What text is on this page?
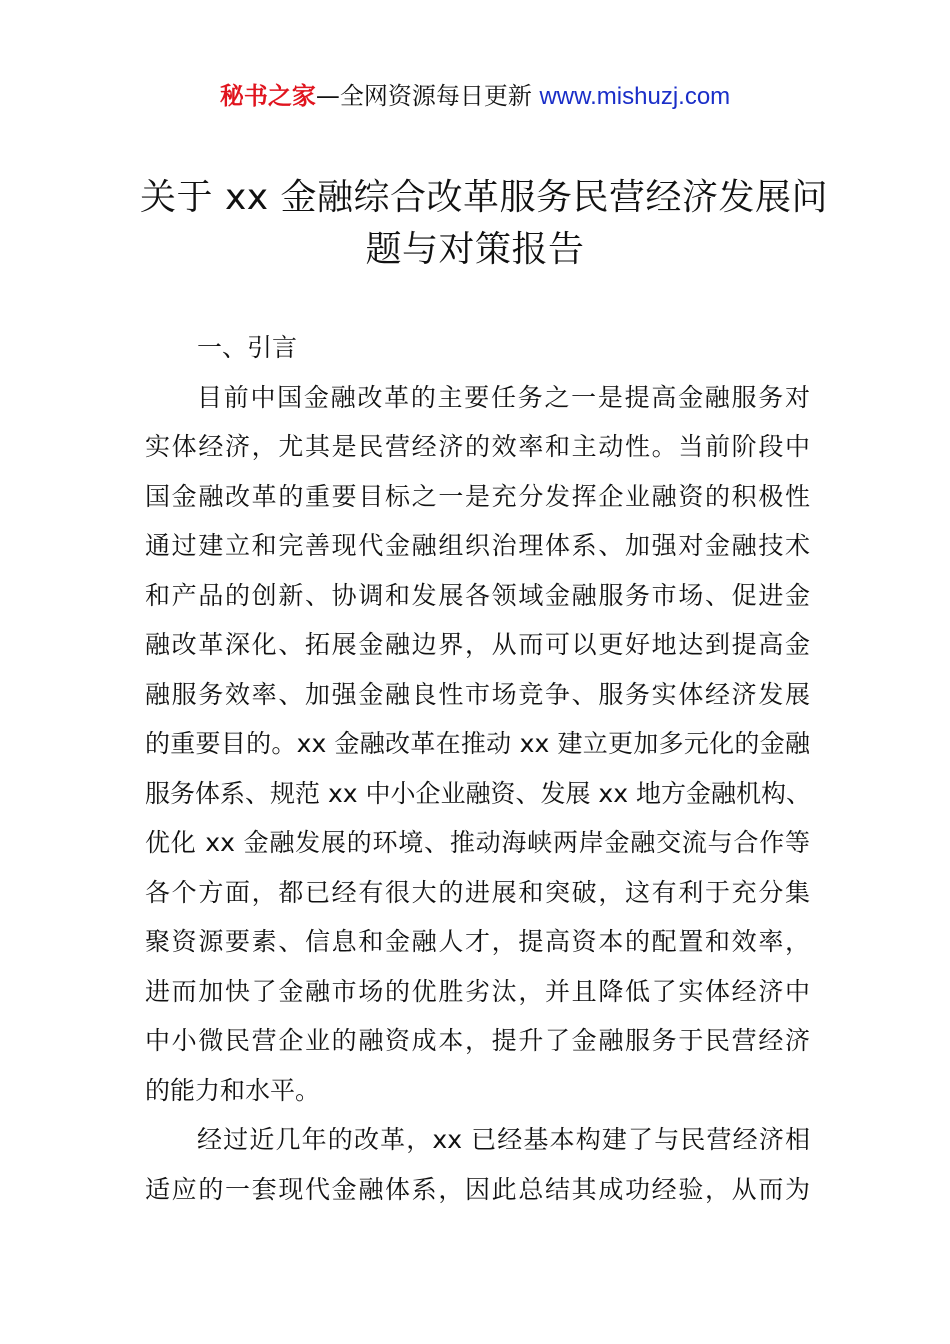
秘书之家—全网资源每日更新 www.mishuzj.com
关于 xx 金融综合改革服务民营经济发展问
题与对策报告
一、引言

目前中国金融改革的主要任务之一是提高金融服务对
实体经济，尤其是民营经济的效率和主动性。当前阶段中
国金融改革的重要目标之一是充分发挥企业融资的积极性
通过建立和完善现代金融组织治理体系、加强对金融技术
和产品的创新、协调和发展各领域金融服务市场、促进金
融改革深化、拓展金融边界，从而可以更好地达到提高金
融服务效率、加强金融良性市场竞争、服务实体经济发展
的重要目的。xx 金融改革在推动 xx 建立更加多元化的金融
服务体系、规范 xx 中小企业融资、发展 xx 地方金融机构、
优化 xx 金融发展的环境、推动海峡两岸金融交流与合作等
各个方面，都已经有很大的进展和突破，这有利于充分集
聚资源要素、信息和金融人才，提高资本的配置和效率，
进而加快了金融市场的优胜劣汰，并且降低了实体经济中
中小微民营企业的融资成本，提升了金融服务于民营经济
的能力和水平。

经过近几年的改革，xx 已经基本构建了与民营经济相
适应的一套现代金融体系，因此总结其成功经验，从而为
